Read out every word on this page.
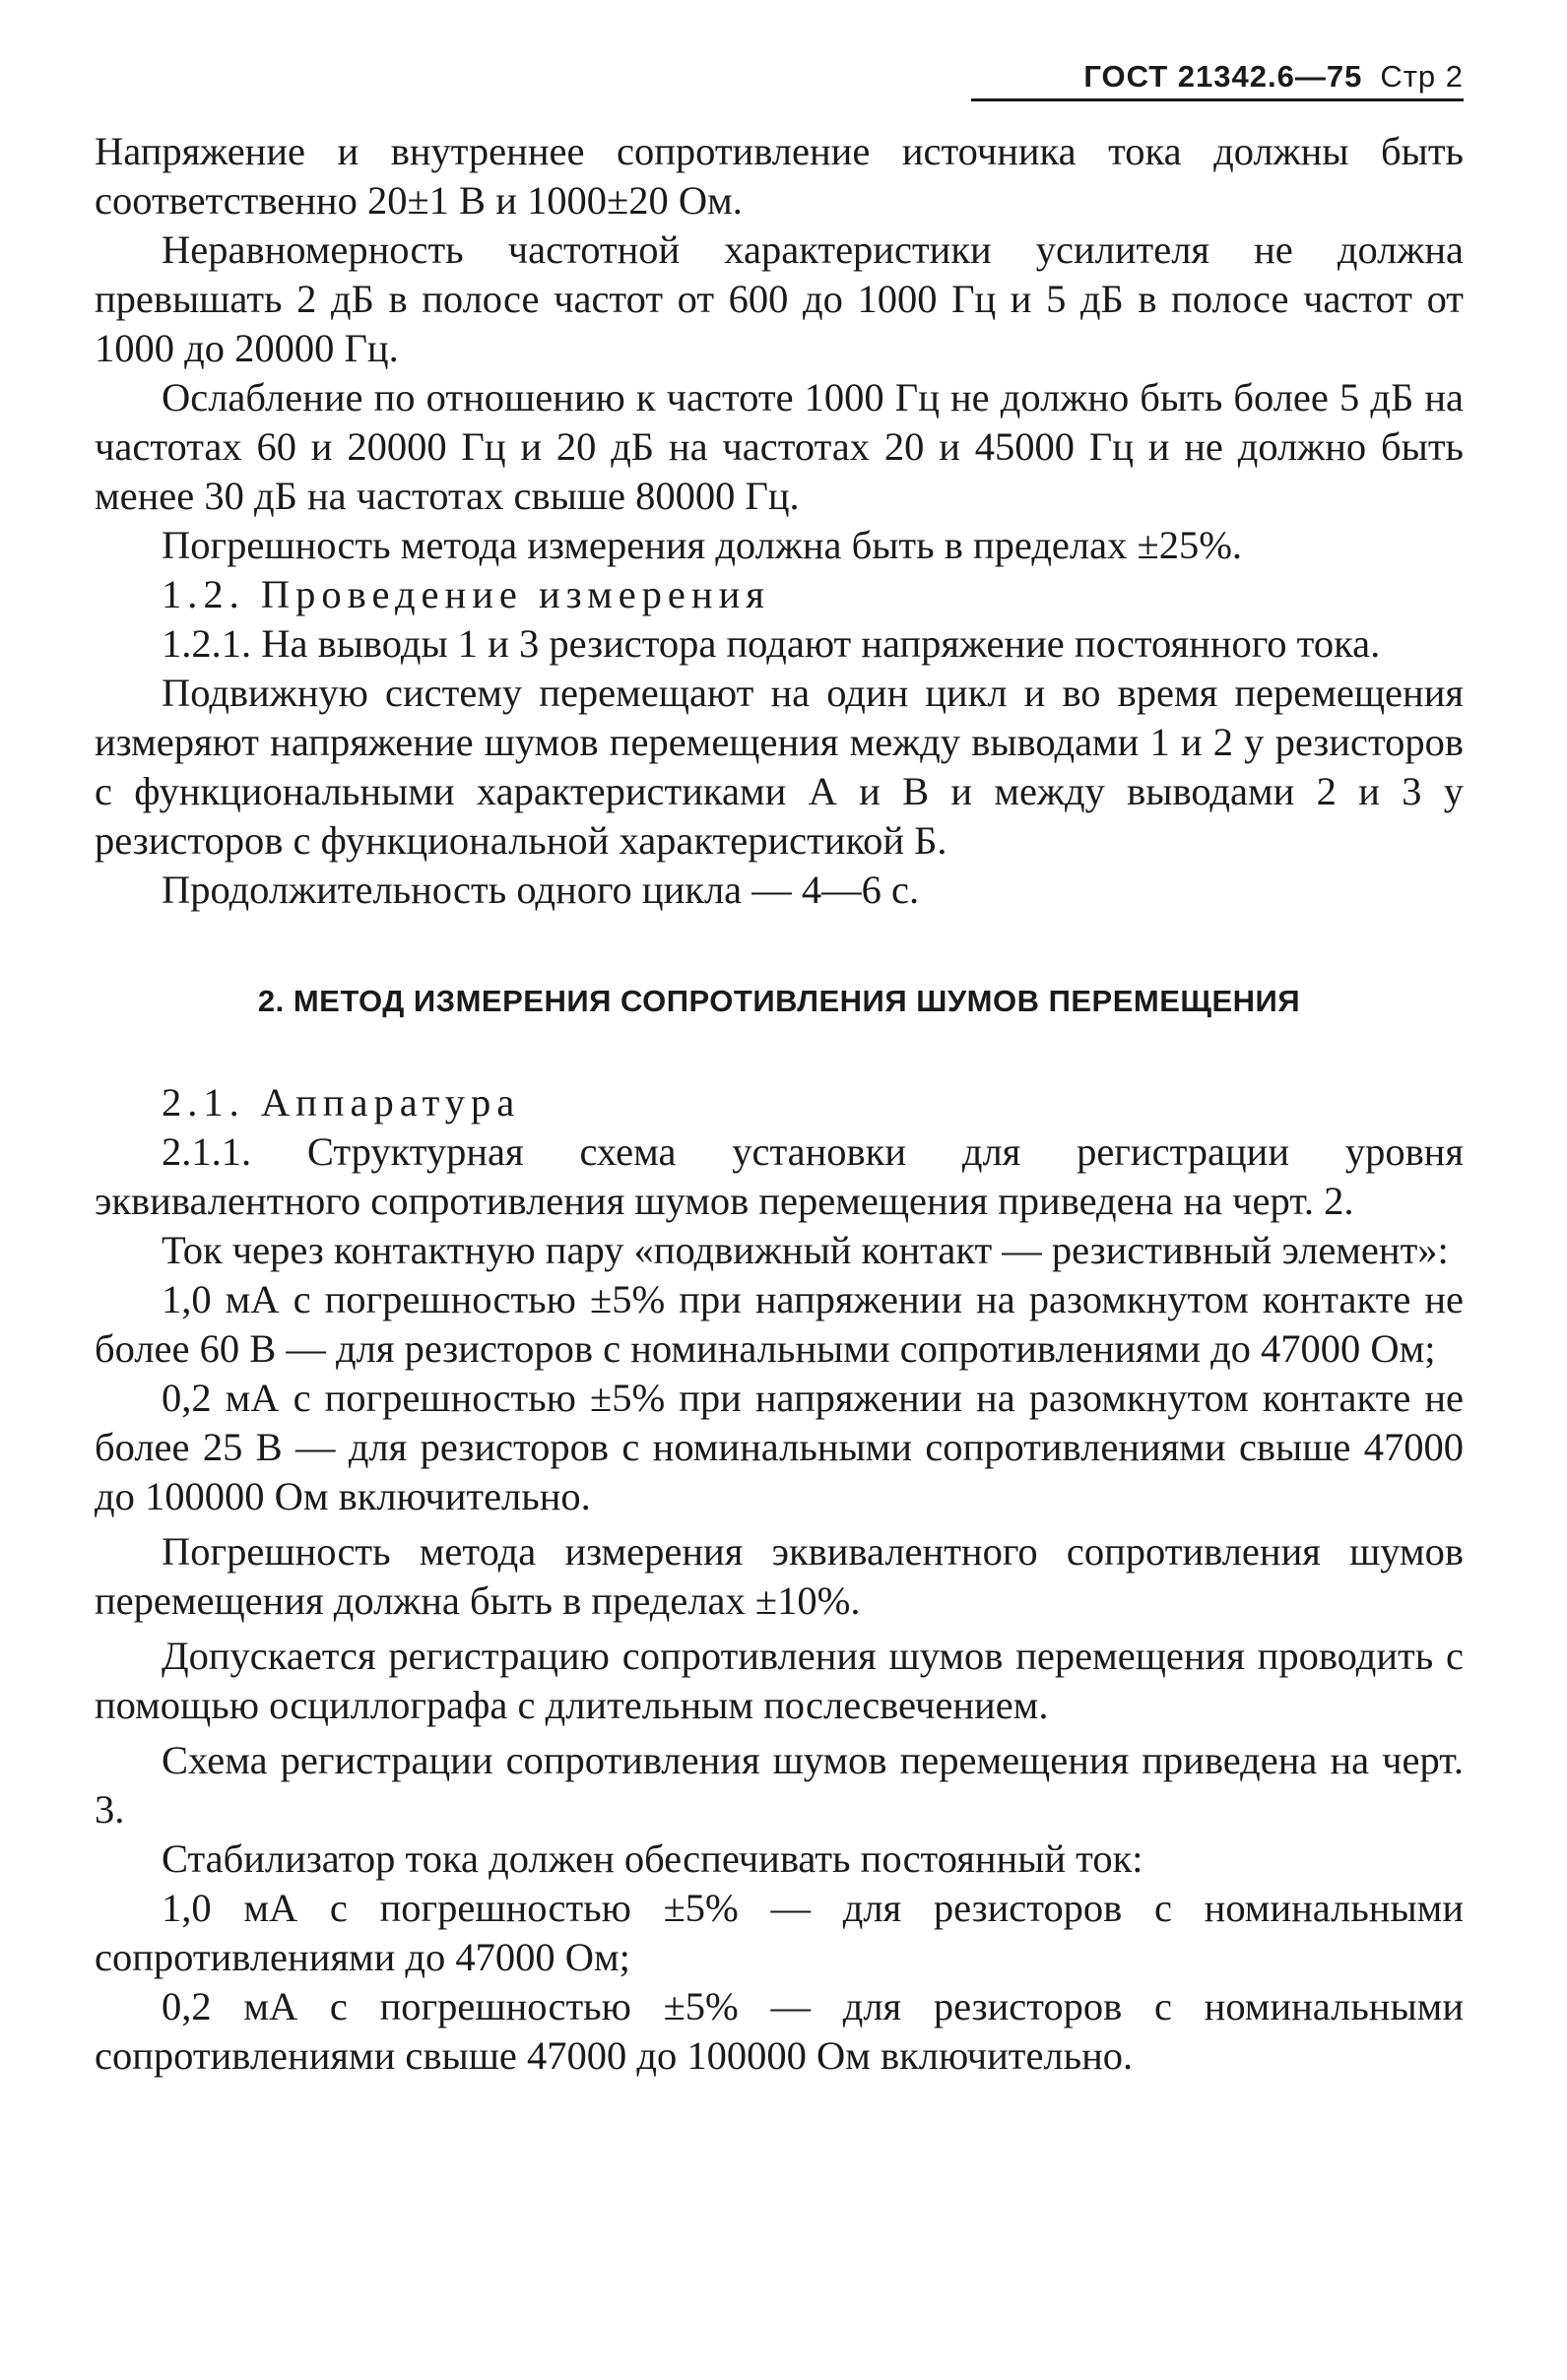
ГОСТ 21342.6—75 Стр 2

Напряжение и внутреннее сопротивление источника тока должны быть соответственно 20±1 В и 1000±20 Ом.

Неравномерность частотной характеристики усилителя не должна превышать 2 дБ в полосе частот от 600 до 1000 Гц и 5 дБ в полосе частот от 1000 до 20000 Гц.

Ослабление по отношению к частоте 1000 Гц не должно быть более 5 дБ на частотах 60 и 20000 Гц и 20 дБ на частотах 20 и 45000 Гц и не должно быть менее 30 дБ на частотах свыше 80000 Гц.

Погрешность метода измерения должна быть в пределах ±25%.

1.2. Проведение измерения

1.2.1. На выводы 1 и 3 резистора подают напряжение постоянного тока.

Подвижную систему перемещают на один цикл и во время перемещения измеряют напряжение шумов перемещения между выводами 1 и 2 у резисторов с функциональными характеристиками А и В и между выводами 2 и 3 у резисторов с функциональной характеристикой Б.

Продолжительность одного цикла — 4—6 с.

2. МЕТОД ИЗМЕРЕНИЯ СОПРОТИВЛЕНИЯ ШУМОВ ПЕРЕМЕЩЕНИЯ

2.1. Аппаратура

2.1.1. Структурная схема установки для регистрации уровня эквивалентного сопротивления шумов перемещения приведена на черт. 2.

Ток через контактную пару «подвижный контакт — резистивный элемент»:

1,0 мА с погрешностью ±5% при напряжении на разомкнутом контакте не более 60 В — для резисторов с номинальными сопротивлениями до 47000 Ом;

0,2 мА с погрешностью ±5% при напряжении на разомкнутом контакте не более 25 В — для резисторов с номинальными сопротивлениями свыше 47000 до 100000 Ом включительно.

Погрешность метода измерения эквивалентного сопротивления шумов перемещения должна быть в пределах ±10%.

Допускается регистрацию сопротивления шумов перемещения проводить с помощью осциллографа с длительным послесвечением.

Схема регистрации сопротивления шумов перемещения приведена на черт. 3.

Стабилизатор тока должен обеспечивать постоянный ток:

1,0 мА с погрешностью ±5% — для резисторов с номинальными сопротивлениями до 47000 Ом;

0,2 мА с погрешностью ±5% — для резисторов с номинальными сопротивлениями свыше 47000 до 100000 Ом включительно.
